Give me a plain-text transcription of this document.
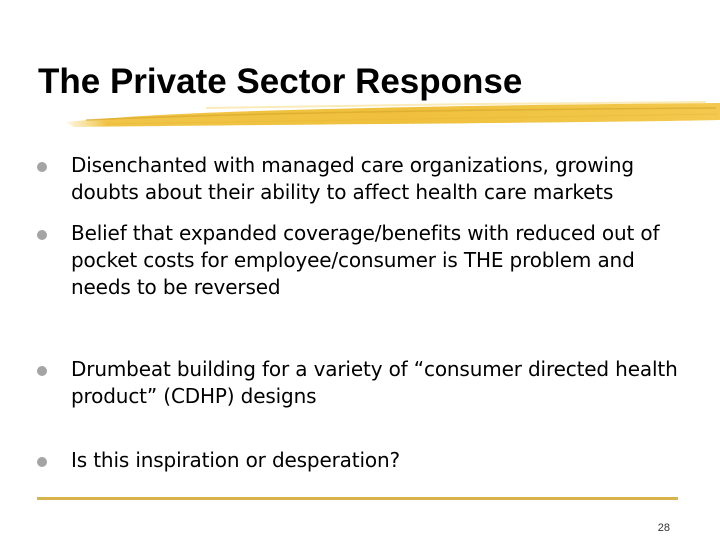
The Private Sector Response
Disenchanted with managed care organizations, growing doubts about their ability to affect health care markets
Belief that expanded coverage/benefits with reduced out of pocket costs for employee/consumer is THE problem and needs to be reversed
Drumbeat building for a variety of “consumer directed health product” (CDHP) designs
Is this inspiration or desperation?
28
